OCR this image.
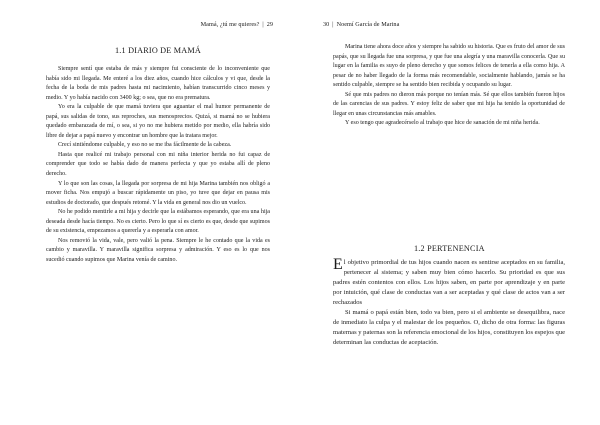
Mamá, ¿tú me quieres? | 29
1.1 DIARIO DE MAMÁ

Siempre sentí que estaba de más y siempre fui consciente de lo inconveniente que había sido mi llegada. Me enteré a los diez años, cuando hice cálculos y vi que, desde la fecha de la boda de mis padres hasta mi nacimiento, habían transcurrido cinco meses y medio. Y yo había nacido con 3400 kg; o sea, que no era prematura.

Yo era la culpable de que mamá tuviera que aguantar el mal humor permanente de papá, sus salidas de tono, sus reproches, sus menosprecios. Quizá, si mamá no se hubiera quedado embarazada de mí, o sea, si yo no me hubiera metido por medio, ella habría sido libre de dejar a papá nuevo y encontrar un hombre que la tratara mejor.

Crecí sintiéndome culpable, y eso no se me iba fácilmente de la cabeza.

Hasta que realicé mi trabajo personal con mi niña interior herida no fui capaz de comprender que todo se había dado de manera perfecta y que yo estaba allí de pleno derecho.

Y lo que son las cosas, la llegada por sorpresa de mi hija Marina también nos obligó a mover ficha. Nos empujó a buscar rápidamente un piso, yo tuve que dejar en pausa mis estudios de doctorado, que después retomé. Y la vida en general nos dio un vuelco.

No he podido mentirle a mi hija y decirle que la estábamos esperando, que era una hija deseada desde hacía tiempo. No es cierto. Pero lo que sí es cierto es que, desde que supimos de su existencia, empezamos a quererla y a esperarla con amor.

Nos removió la vida, vale, pero valió la pena. Siempre le he contado que la vida es cambio y maravilla. Y maravilla significa sorpresa y admiración. Y eso es lo que nos sucedió cuando supimos que Marina venía de camino.

30 | Noemí García de Marina

Marina tiene ahora doce años y siempre ha sabido su historia. Que es fruto del amor de sus papás, que su llegada fue una sorpresa, y que fue una alegría y una maravilla conocerla. Que su lugar en la familia es suyo de pleno derecho y que somos felices de tenerla a ella como hija. A pesar de no haber llegado de la forma más recomendable, socialmente hablando, jamás se ha sentido culpable, siempre se ha sentido bien recibida y ocupando su lugar.

Sé que mis padres no dieron más porque no tenían más. Sé que ellos también fueron hijos de las carencias de sus padres. Y estoy feliz de saber que mi hija ha tenido la oportunidad de llegar en unas circunstancias más amables.

Y eso tengo que agradecérselo al trabajo que hice de sanación de mi niña herida.

1.2 PERTENENCIA

El objetivo primordial de tus hijos cuando nacen es sentirse aceptados en su familia, pertenecer al sistema; y saben muy bien cómo hacerlo. Su prioridad es que sus padres estén contentos con ellos. Los hijos saben, en parte por aprendizaje y en parte por intuición, qué clase de conductas van a ser aceptadas y qué clase de actos van a ser rechazados

Si mamá o papá están bien, todo va bien, pero si el ambiente se desequilibra, nace de inmediato la culpa y el malestar de los pequeños. O, dicho de otra forma: las figuras maternas y paternas son la referencia emocional de los hijos, constituyen los espejos que determinan las conductas de aceptación.
